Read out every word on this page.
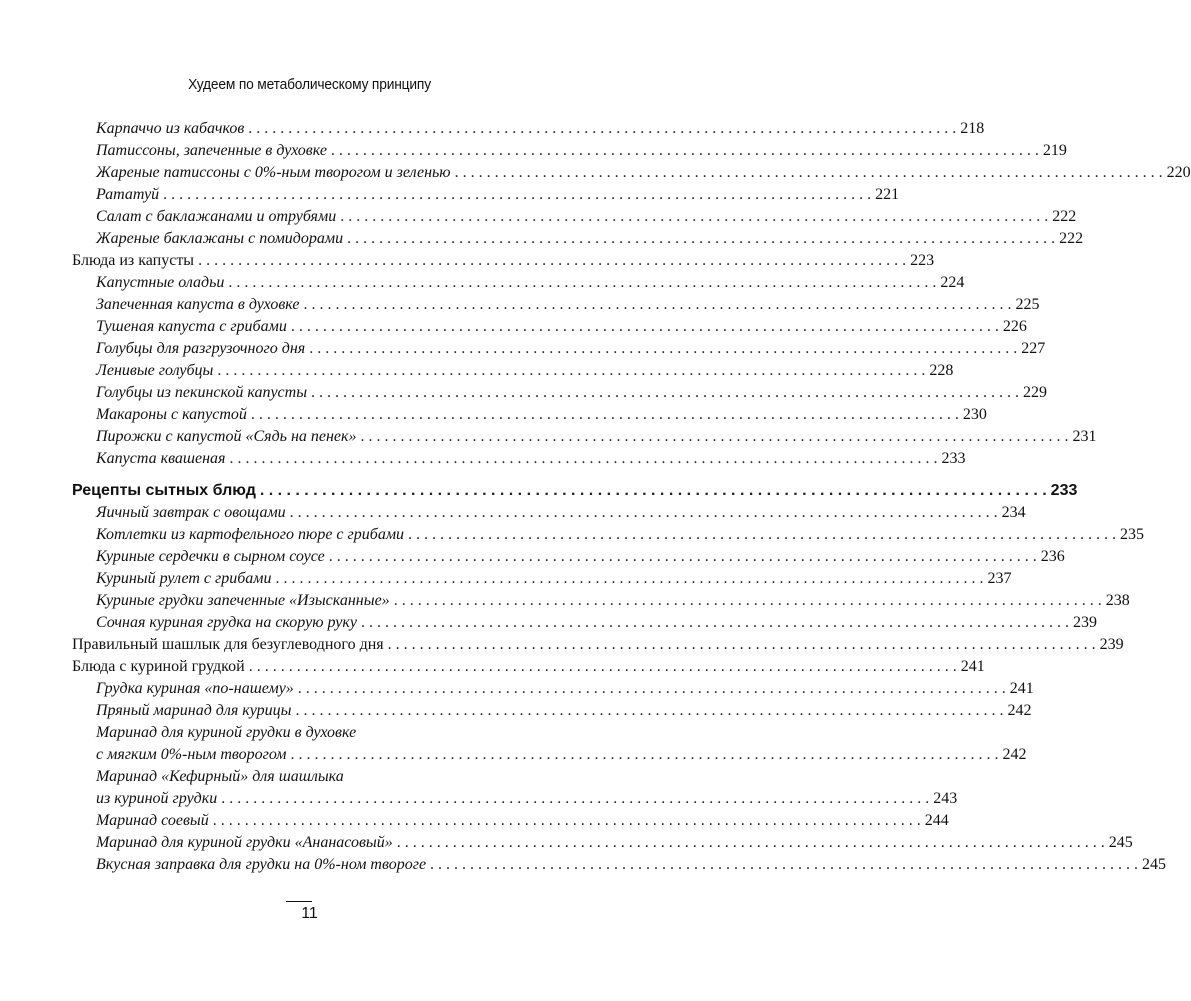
Худеем по метаболическому принципу
Карпаччо из кабачков . . .	218
Патиссоны, запеченные в духовке . . .	219
Жареные патиссоны с 0%-ным творогом и зеленью . . .	220
Рататуй . . .	221
Салат с баклажанами и отрубями . . .	222
Жареные баклажаны с помидорами . . .	222
Блюда из капусты . . .	223
Капустные оладьи . . .	224
Запеченная капуста в духовке . . .	225
Тушеная капуста с грибами . . .	226
Голубцы для разгрузочного дня . . .	227
Ленивые голубцы . . .	228
Голубцы из пекинской капусты . . .	229
Макароны с капустой . . .	230
Пирожки с капустой «Сядь на пенек» . . .	231
Капуста квашеная . . .	233
Рецепты сытных блюд . . .	233
Яичный завтрак с овощами . . .	234
Котлетки из картофельного пюре с грибами . . .	235
Куриные сердечки в сырном соусе . . .	236
Куриный рулет с грибами . . .	237
Куриные грудки запеченные «Изысканные» . . .	238
Сочная куриная грудка на скорую руку . . .	239
Правильный шашлык для безуглеводного дня . . .	239
Блюда с куриной грудкой . . .	241
Грудка куриная «по-нашему» . . .	241
Пряный маринад для курицы . . .	242
Маринад для куриной грудки в духовке
с мягким 0%-ным творогом . . .	242
Маринад «Кефирный» для шашлыка
из куриной грудки . . .	243
Маринад соевый . . .	244
Маринад для куриной грудки «Ананасовый» . . .	245
Вкусная заправка для грудки на 0%-ном твороге . . .	245
11
